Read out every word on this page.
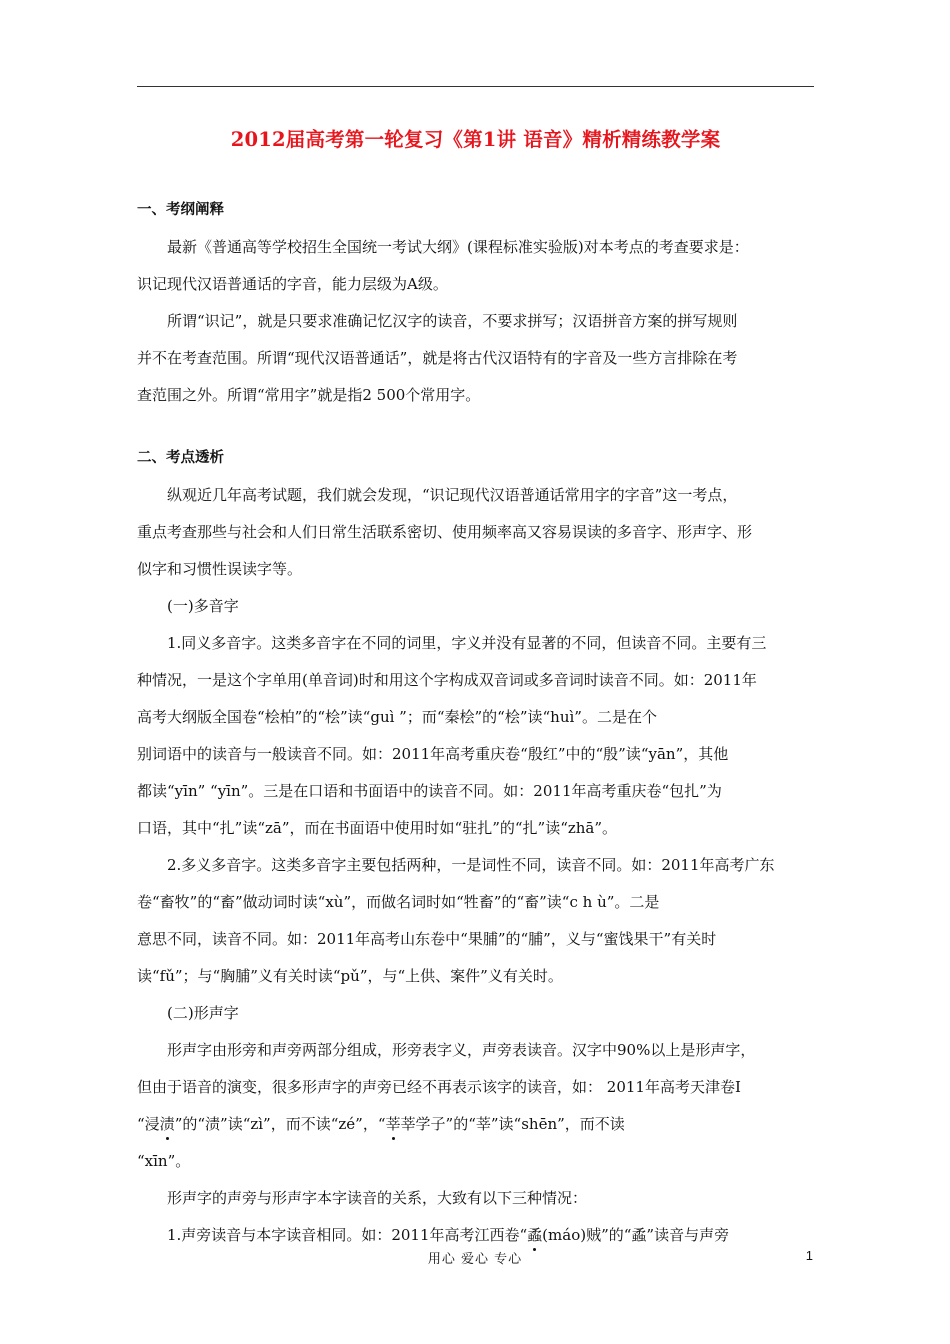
2012届高考第一轮复习《第1讲 语音》精析精练教学案
一、考纲阐释
最新《普通高等学校招生全国统一考试大纲》(课程标准实验版)对本考点的考查要求是：
识记现代汉语普通话的字音，能力层级为A级。
所谓“识记”，就是只要求准确记忆汉字的读音，不要求拼写；汉语拼音方案的拼写规则
并不在考查范围。所谓“现代汉语普通话”，就是将古代汉语特有的字音及一些方言排除在考
查范围之外。所谓“常用字”就是指2 500个常用字。
二、考点透析
纵观近几年高考试题，我们就会发现，“识记现代汉语普通话常用字的字音”这一考点，
重点考查那些与社会和人们日常生活联系密切、使用频率高又容易误读的多音字、形声字、形
似字和习惯性误读字等。
(一)多音字
1.同义多音字。这类多音字在不同的词里，字义并没有显著的不同，但读音不同。主要有三
种情况，一是这个字单用(单音词)时和用这个字构成双音词或多音词时读音不同。如：2011年
高考大纲版全国卷“桧柏”的“桧”读“guì ”；而“秦桧”的“桧”读“huì”。二是在个
别词语中的读音与一般读音不同。如：2011年高考重庆卷“殷红”中的“殷”读“yān”，其他
都读“yīn” “yīn”。三是在口语和书面语中的读音不同。如：2011年高考重庆卷“包扎”为
口语，其中“扎”读“zā”，而在书面语中使用时如“驻扎”的“扎”读“zhā”。
2.多义多音字。这类多音字主要包括两种，一是词性不同，读音不同。如：2011年高考广东
卷“畜牧”的“畜”做动词时读“xù”，而做名词时如“牲畜”的“畜”读“c h ù”。二是
意思不同，读音不同。如：2011年高考山东卷中“果脯”的“脯”，义与“蜜饯果干”有关时
读“fǔ”；与“胸脯”义有关时读“pǔ”，与“上供、案件”义有关时。
(二)形声字
形声字由形旁和声旁两部分组成，形旁表字义，声旁表读音。汉字中90%以上是形声字，
但由于语音的演变，很多形声字的声旁已经不再表示该字的读音，如： 2011年高考天津卷Ⅰ
“浸渍”的“渍”读“zì”，而不读“zé”，“莘莘学子”的“莘”读“shēn”，而不读
“xīn”。
形声字的声旁与形声字本字读音的关系，大致有以下三种情况：
1.声旁读音与本字读音相同。如：2011年高考江西卷“蟊(máo)贼”的“蟊”读音与声旁
用心 爱心 专心	1
